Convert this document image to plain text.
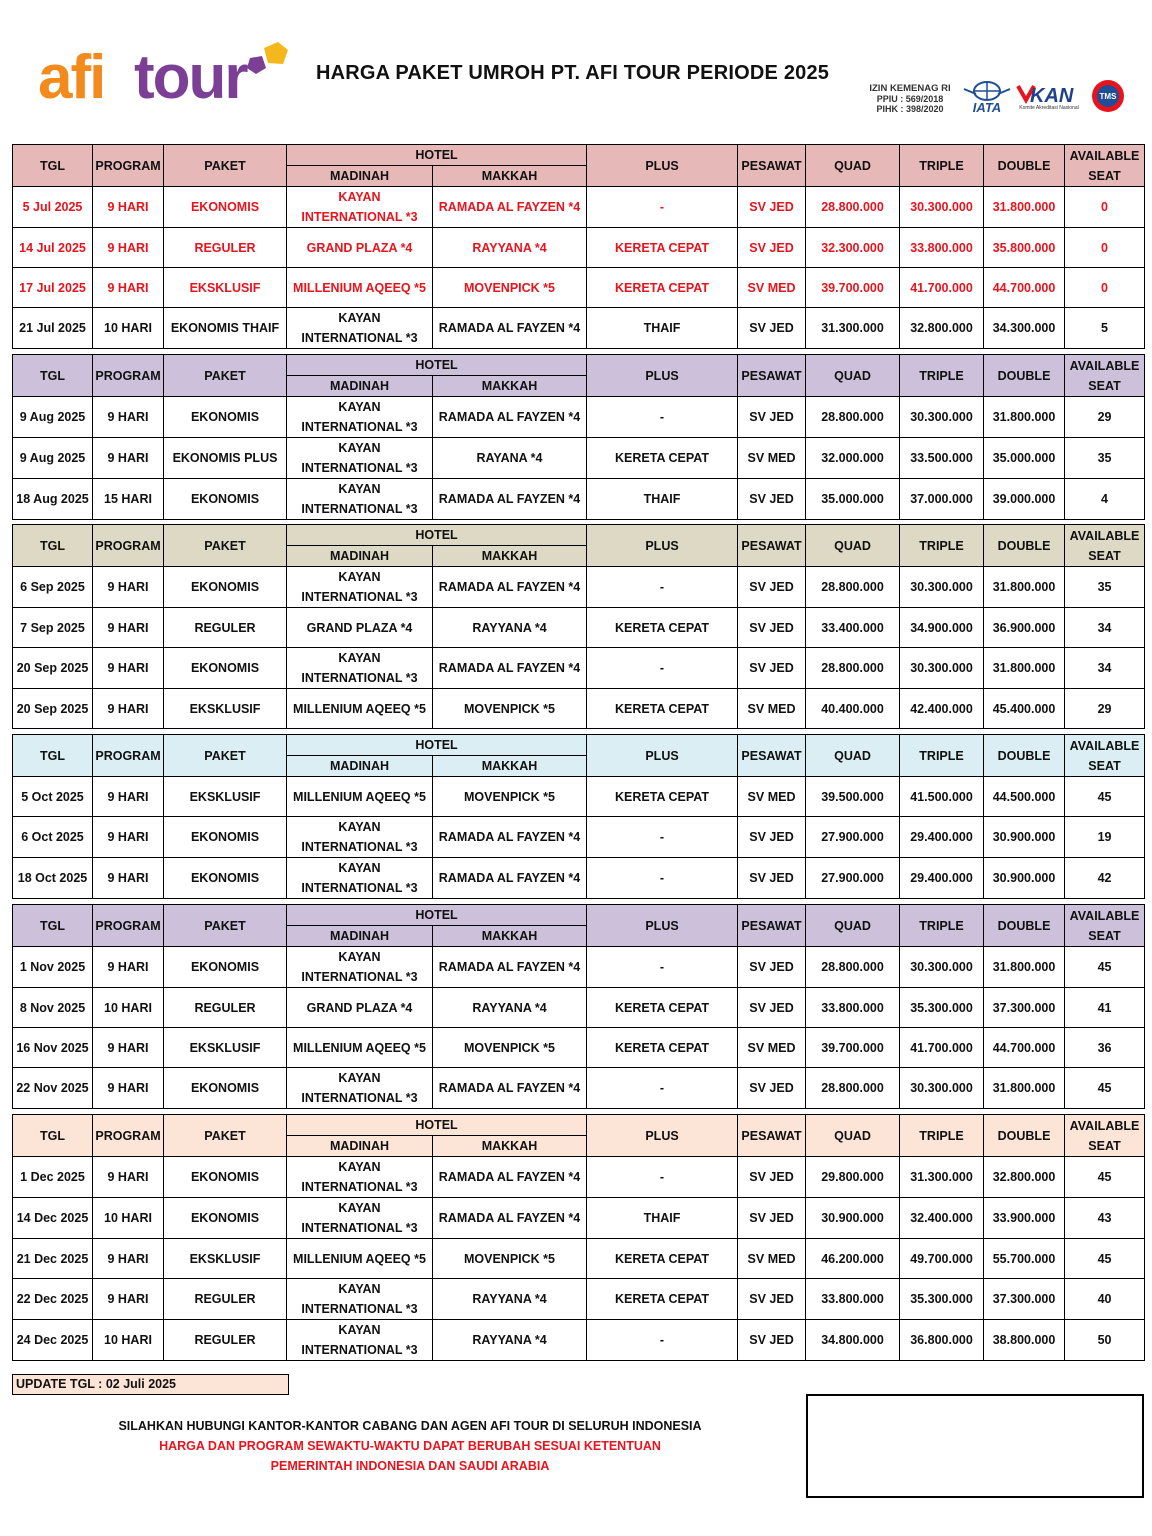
afi tour	HARGA PAKET UMROH PT. AFI TOUR PERIODE 2025
IZIN KEMENAG RI
PPIU : 569/2018
PIHK : 398/2020	IATA
KAN
Komite Akreditasi Nasional
TMS
TGL	PROGRAM	PAKET	HOTEL		PLUS	PESAWAT	QUAD	TRIPLE	DOUBLE	AVAILABLE
SEAT

			MADINAH	MAKKAH						
5 Jul 2025	9 HARI	EKONOMIS	KAYAN INTERNATIONAL *3	RAMADA AL FAYZEN *4	-	SV JED	28.800.000	30.300.000	31.800.000	0
14 Jul 2025	9 HARI	REGULER	GRAND PLAZA *4	RAYYANA *4	KERETA CEPAT	SV JED	32.300.000	33.800.000	35.800.000	0
17 Jul 2025	9 HARI	EKSKLUSIF	MILLENIUM AQEEQ *5	MOVENPICK *5	KERETA CEPAT	SV MED	39.700.000	41.700.000	44.700.000	0
21 Jul 2025	10 HARI	EKONOMIS THAIF	KAYAN INTERNATIONAL *3	RAMADA AL FAYZEN *4	THAIF	SV JED	31.300.000	32.800.000	34.300.000	5
TGL	PROGRAM	PAKET	HOTEL		PLUS	PESAWAT	QUAD	TRIPLE	DOUBLE	AVAILABLE
SEAT

			MADINAH	MAKKAH						
9 Aug 2025	9 HARI	EKONOMIS	KAYAN INTERNATIONAL *3	RAMADA AL FAYZEN *4	-	SV JED	28.800.000	30.300.000	31.800.000	29
9 Aug 2025	9 HARI	EKONOMIS PLUS	KAYAN INTERNATIONAL *3	RAYANA *4	KERETA CEPAT	SV MED	32.000.000	33.500.000	35.000.000	35
18 Aug 2025	15 HARI	EKONOMIS	KAYAN INTERNATIONAL *3	RAMADA AL FAYZEN *4	THAIF	SV JED	35.000.000	37.000.000	39.000.000	4
TGL	PROGRAM	PAKET	HOTEL		PLUS	PESAWAT	QUAD	TRIPLE	DOUBLE	AVAILABLE
SEAT

			MADINAH	MAKKAH						
6 Sep 2025	9 HARI	EKONOMIS	KAYAN INTERNATIONAL *3	RAMADA AL FAYZEN *4	-	SV JED	28.800.000	30.300.000	31.800.000	35
7 Sep 2025	9 HARI	REGULER	GRAND PLAZA *4	RAYYANA *4	KERETA CEPAT	SV JED	33.400.000	34.900.000	36.900.000	34
20 Sep 2025	9 HARI	EKONOMIS	KAYAN INTERNATIONAL *3	RAMADA AL FAYZEN *4	-	SV JED	28.800.000	30.300.000	31.800.000	34
20 Sep 2025	9 HARI	EKSKLUSIF	MILLENIUM AQEEQ *5	MOVENPICK *5	KERETA CEPAT	SV MED	40.400.000	42.400.000	45.400.000	29
TGL	PROGRAM	PAKET	HOTEL		PLUS	PESAWAT	QUAD	TRIPLE	DOUBLE	AVAILABLE
SEAT

			MADINAH	MAKKAH						
5 Oct 2025	9 HARI	EKSKLUSIF	MILLENIUM AQEEQ *5	MOVENPICK *5	KERETA CEPAT	SV MED	39.500.000	41.500.000	44.500.000	45
6 Oct 2025	9 HARI	EKONOMIS	KAYAN INTERNATIONAL *3	RAMADA AL FAYZEN *4	-	SV JED	27.900.000	29.400.000	30.900.000	19
18 Oct 2025	9 HARI	EKONOMIS	KAYAN INTERNATIONAL *3	RAMADA AL FAYZEN *4	-	SV JED	27.900.000	29.400.000	30.900.000	42
TGL	PROGRAM	PAKET	HOTEL		PLUS	PESAWAT	QUAD	TRIPLE	DOUBLE	AVAILABLE
SEAT

			MADINAH	MAKKAH						
1 Nov 2025	9 HARI	EKONOMIS	KAYAN INTERNATIONAL *3	RAMADA AL FAYZEN *4	-	SV JED	28.800.000	30.300.000	31.800.000	45
8 Nov 2025	10 HARI	REGULER	GRAND PLAZA *4	RAYYANA *4	KERETA CEPAT	SV JED	33.800.000	35.300.000	37.300.000	41
16 Nov 2025	9 HARI	EKSKLUSIF	MILLENIUM AQEEQ *5	MOVENPICK *5	KERETA CEPAT	SV MED	39.700.000	41.700.000	44.700.000	36
22 Nov 2025	9 HARI	EKONOMIS	KAYAN INTERNATIONAL *3	RAMADA AL FAYZEN *4	-	SV JED	28.800.000	30.300.000	31.800.000	45
TGL	PROGRAM	PAKET	HOTEL		PLUS	PESAWAT	QUAD	TRIPLE	DOUBLE	AVAILABLE
SEAT

			MADINAH	MAKKAH						
1 Dec 2025	9 HARI	EKONOMIS	KAYAN INTERNATIONAL *3	RAMADA AL FAYZEN *4	-	SV JED	29.800.000	31.300.000	32.800.000	45
14 Dec 2025	10 HARI	EKONOMIS	KAYAN INTERNATIONAL *3	RAMADA AL FAYZEN *4	THAIF	SV JED	30.900.000	32.400.000	33.900.000	43
21 Dec 2025	9 HARI	EKSKLUSIF	MILLENIUM AQEEQ *5	MOVENPICK *5	KERETA CEPAT	SV MED	46.200.000	49.700.000	55.700.000	45
22 Dec 2025	9 HARI	REGULER	KAYAN INTERNATIONAL *3	RAYYANA *4	KERETA CEPAT	SV JED	33.800.000	35.300.000	37.300.000	40
24 Dec 2025	10 HARI	REGULER	KAYAN INTERNATIONAL *3	RAYYANA *4	-	SV JED	34.800.000	36.800.000	38.800.000	50
UPDATE TGL : 02 Juli 2025
SILAHKAN HUBUNGI KANTOR-KANTOR CABANG DAN AGEN AFI TOUR DI SELURUH INDONESIA
HARGA DAN PROGRAM SEWAKTU-WAKTU DAPAT BERUBAH SESUAI KETENTUAN
PEMERINTAH INDONESIA DAN SAUDI ARABIA
